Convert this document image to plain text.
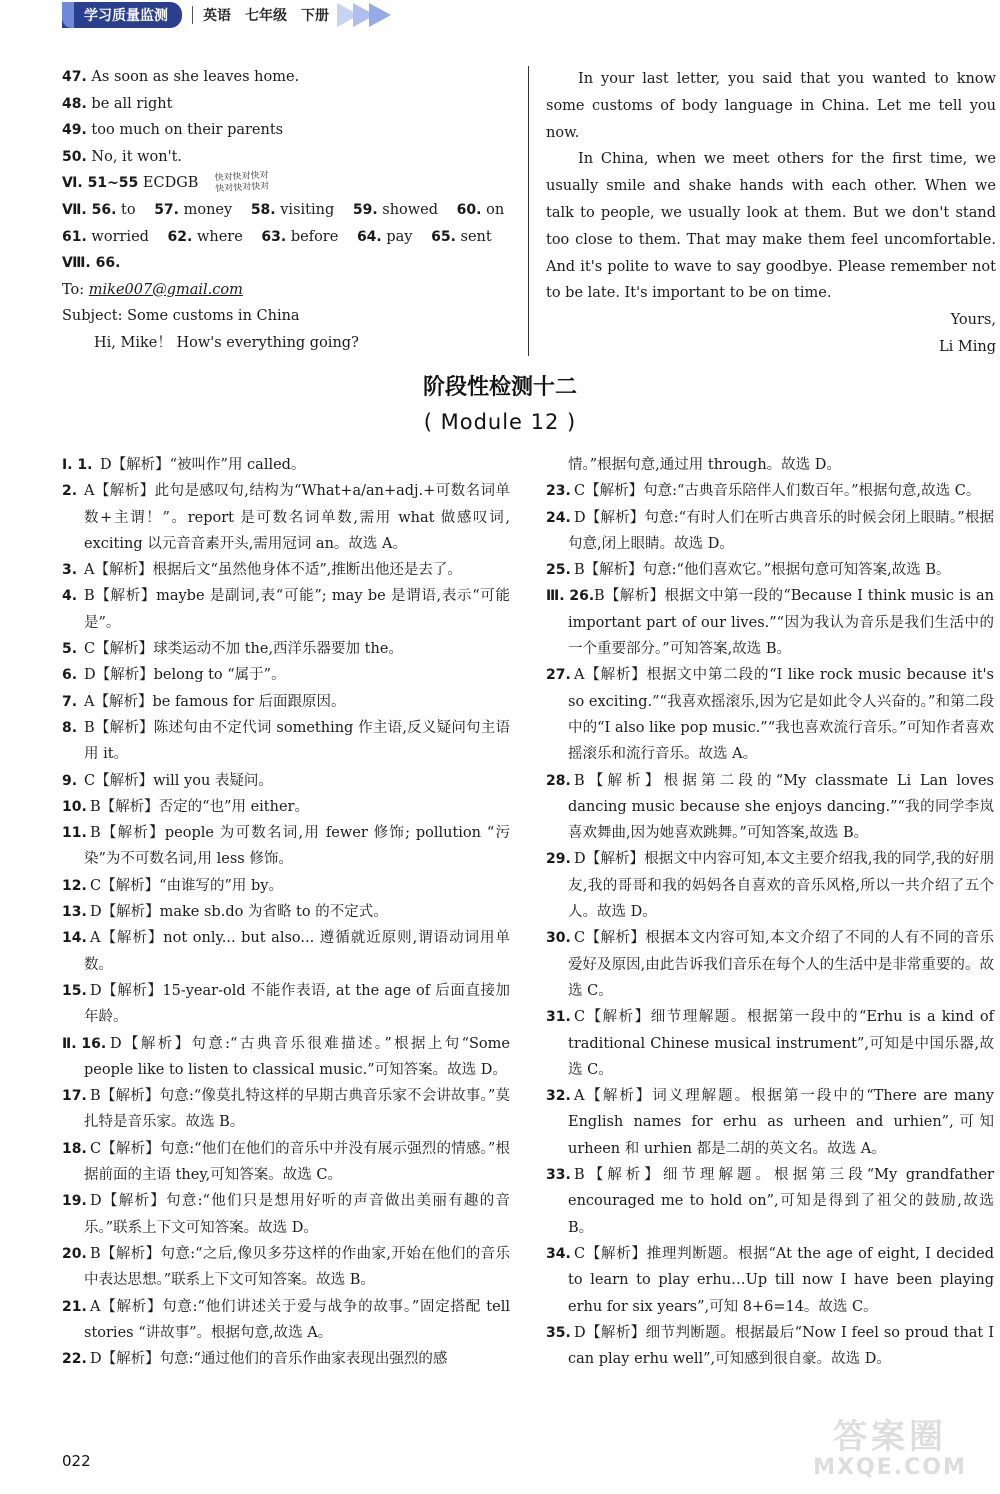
学习质量监测	英语　七年级　下册
47. As soon as she leaves home.
48. be all right
49. too much on their parents
50. No, it won't.
Ⅵ. 51~55 ECDGB 快对快对快对
快对快对快对
Ⅶ. 56. to 57. money 58. visiting 59. showed 60. on
61. worried 62. where 63. before 64. pay 65. sent
Ⅷ. 66.
To: mike007@gmail.com
Subject: Some customs in China
Hi, Mike！ How's everything going?

In your last letter, you said that you wanted to know some customs of body language in China. Let me tell you now.

In China, when we meet others for the first time, we usually smile and shake hands with each other. When we talk to people, we usually look at them. But we don't stand too close to them. That may make them feel uncomfortable. And it's polite to wave to say goodbye. Please remember not to be late. It's important to be on time.

Yours,

Li Ming

阶段性检测十二
( Module 12 )
Ⅰ. 1. D【解析】“被叫作”用 called。
2. A【解析】此句是感叹句,结构为“What+a/an+adj.+可数名词单数+主谓！”。report 是可数名词单数,需用 what 做感叹词, exciting 以元音音素开头,需用冠词 an。故选 A。
3. A【解析】根据后文“虽然他身体不适”,推断出他还是去了。
4. B【解析】maybe 是副词,表“可能”; may be 是谓语,表示“可能是”。
5. C【解析】球类运动不加 the,西洋乐器要加 the。
6. D【解析】belong to “属于”。
7. A【解析】be famous for 后面跟原因。
8. B【解析】陈述句由不定代词 something 作主语,反义疑问句主语用 it。
9. C【解析】will you 表疑问。
10. B【解析】否定的“也”用 either。
11. B【解析】people 为可数名词,用 fewer 修饰; pollution “污染”为不可数名词,用 less 修饰。
12. C【解析】“由谁写的”用 by。
13. D【解析】make sb.do 为省略 to 的不定式。
14. A【解析】not only... but also... 遵循就近原则,谓语动词用单数。
15. D【解析】15-year-old 不能作表语, at the age of 后面直接加年龄。
Ⅱ. 16. D【解析】句意:“古典音乐很难描述。”根据上句“Some people like to listen to classical music.”可知答案。故选 D。
17. B【解析】句意:“像莫扎特这样的早期古典音乐家不会讲故事。”莫扎特是音乐家。故选 B。
18. C【解析】句意:“他们在他们的音乐中并没有展示强烈的情感。”根据前面的主语 they,可知答案。故选 C。
19. D【解析】句意:“他们只是想用好听的声音做出美丽有趣的音乐。”联系上下文可知答案。故选 D。
20. B【解析】句意:“之后,像贝多芬这样的作曲家,开始在他们的音乐中表达思想。”联系上下文可知答案。故选 B。
21. A【解析】句意:“他们讲述关于爱与战争的故事。”固定搭配 tell stories “讲故事”。根据句意,故选 A。
22. D【解析】句意:“通过他们的音乐作曲家表现出强烈的感
情。”根据句意,通过用 through。故选 D。
23. C【解析】句意:“古典音乐陪伴人们数百年。”根据句意,故选 C。
24. D【解析】句意:“有时人们在听古典音乐的时候会闭上眼睛。”根据句意,闭上眼睛。故选 D。
25. B【解析】句意:“他们喜欢它。”根据句意可知答案,故选 B。
Ⅲ. 26. B【解析】根据文中第一段的“Because I think music is an important part of our lives.”“因为我认为音乐是我们生活中的一个重要部分。”可知答案,故选 B。
27. A【解析】根据文中第二段的“I like rock music because it's so exciting.”“我喜欢摇滚乐,因为它是如此令人兴奋的。”和第二段中的“I also like pop music.”“我也喜欢流行音乐。”可知作者喜欢摇滚乐和流行音乐。故选 A。
28. B【解析】根据第二段的“My classmate Li Lan loves dancing music because she enjoys dancing.”“我的同学李岚喜欢舞曲,因为她喜欢跳舞。”可知答案,故选 B。
29. D【解析】根据文中内容可知,本文主要介绍我,我的同学,我的好朋友,我的哥哥和我的妈妈各自喜欢的音乐风格,所以一共介绍了五个人。故选 D。
30. C【解析】根据本文内容可知,本文介绍了不同的人有不同的音乐爱好及原因,由此告诉我们音乐在每个人的生活中是非常重要的。故选 C。
31. C【解析】细节理解题。根据第一段中的“Erhu is a kind of traditional Chinese musical instrument”,可知是中国乐器,故选 C。
32. A【解析】词义理解题。根据第一段中的“There are many English names for erhu as urheen and urhien”,可知 urheen 和 urhien 都是二胡的英文名。故选 A。
33. B【解析】细节理解题。根据第三段“My grandfather encouraged me to hold on”,可知是得到了祖父的鼓励,故选 B。
34. C【解析】推理判断题。根据“At the age of eight, I decided to learn to play erhu…Up till now I have been playing erhu for six years”,可知 8+6=14。故选 C。
35. D【解析】细节判断题。根据最后“Now I feel so proud that I can play erhu well”,可知感到很自豪。故选 D。
022
答案圈
MXQE.COM
